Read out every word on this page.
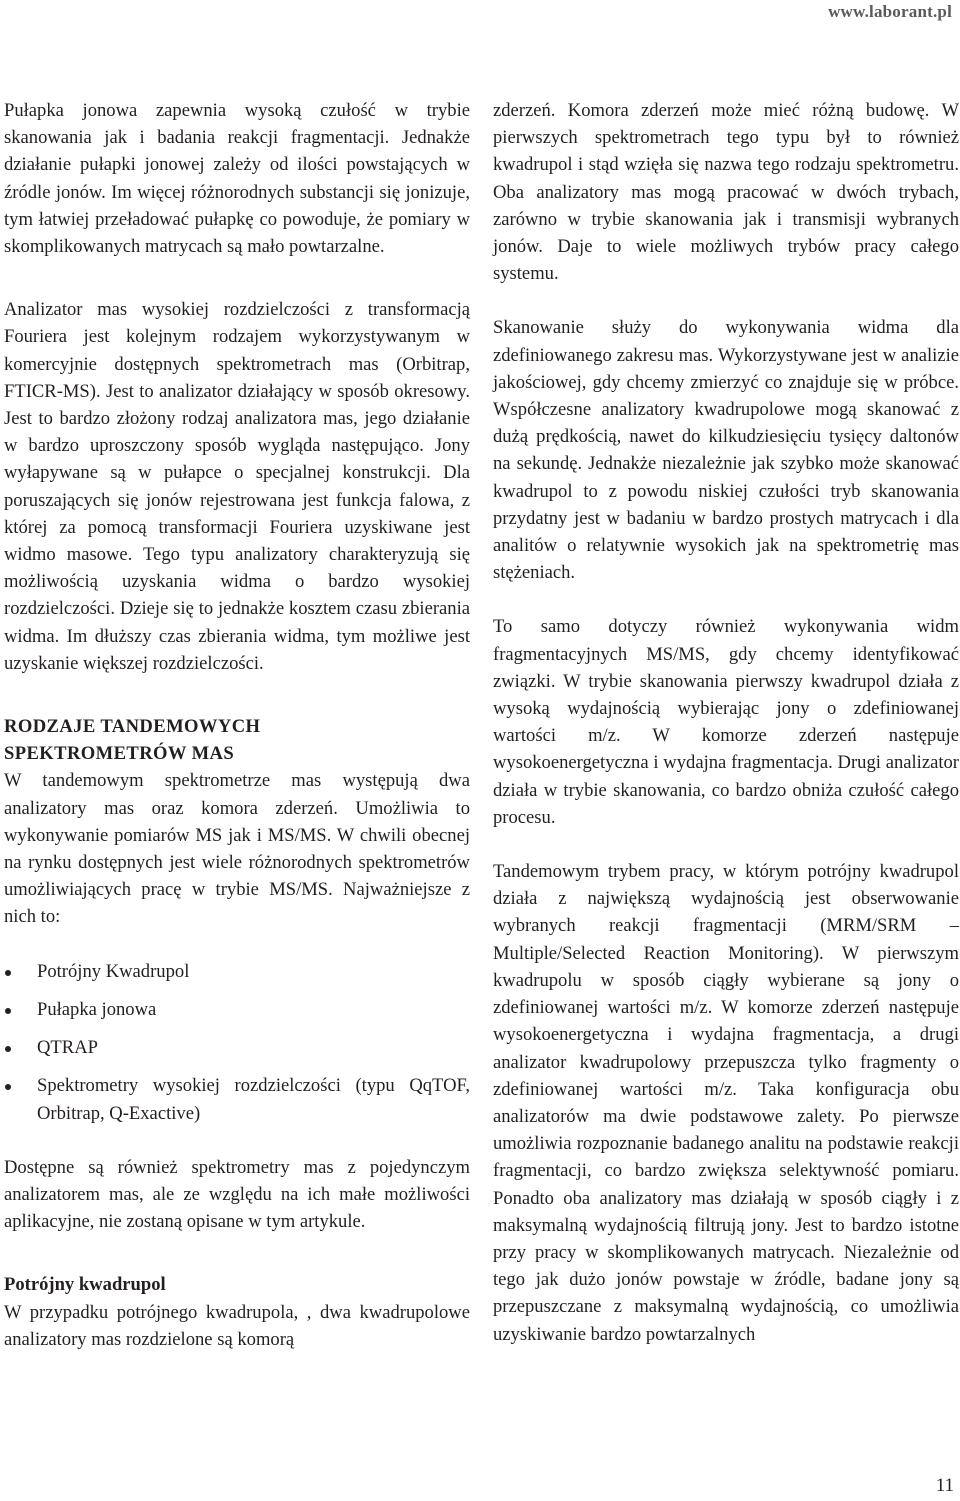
www.laborant.pl

Pułapka jonowa zapewnia wysoką czułość w trybie skanowania jak i badania reakcji fragmentacji. Jednakże działanie pułapki jonowej zależy od ilości powstających w źródle jonów. Im więcej różnorodnych substancji się jonizuje, tym łatwiej przeładować pułapkę co powoduje, że pomiary w skomplikowanych matrycach są mało powtarzalne.

Analizator mas wysokiej rozdzielczości z transformacją Fouriera jest kolejnym rodzajem wykorzystywanym w komercyjnie dostępnych spektrometrach mas (Orbitrap, FTICR-MS). Jest to analizator działający w sposób okresowy. Jest to bardzo złożony rodzaj analizatora mas, jego działanie w bardzo uproszczony sposób wygląda następująco. Jony wyłapywane są w pułapce o specjalnej konstrukcji. Dla poruszających się jonów rejestrowana jest funkcja falowa, z której za pomocą transformacji Fouriera uzyskiwane jest widmo masowe. Tego typu analizatory charakteryzują się możliwością uzyskania widma o bardzo wysokiej rozdzielczości. Dzieje się to jednakże kosztem czasu zbierania widma. Im dłuższy czas zbierania widma, tym możliwe jest uzyskanie większej rozdzielczości.

RODZAJE TANDEMOWYCH
SPEKTROMETRÓW MAS

W tandemowym spektrometrze mas występują dwa analizatory mas oraz komora zderzeń. Umożliwia to wykonywanie pomiarów MS jak i MS/MS. W chwili obecnej na rynku dostępnych jest wiele różnorodnych spektrometrów umożliwiających pracę w trybie MS/MS. Najważniejsze z nich to:

Potrójny Kwadrupol
Pułapka jonowa
QTRAP
Spektrometry wysokiej rozdzielczości (typu QqTOF, Orbitrap, Q-Exactive)

Dostępne są również spektrometry mas z pojedynczym analizatorem mas, ale ze względu na ich małe możliwości aplikacyjne, nie zostaną opisane w tym artykule.

Potrójny kwadrupol

W przypadku potrójnego kwadrupola, , dwa kwadrupolowe analizatory mas rozdzielone są komorą

zderzeń. Komora zderzeń może mieć różną budowę. W pierwszych spektrometrach tego typu był to również kwadrupol i stąd wzięła się nazwa tego rodzaju spektrometru. Oba analizatory mas mogą pracować w dwóch trybach, zarówno w trybie skanowania jak i transmisji wybranych jonów. Daje to wiele możliwych trybów pracy całego systemu.

Skanowanie służy do wykonywania widma dla zdefiniowanego zakresu mas. Wykorzystywane jest w analizie jakościowej, gdy chcemy zmierzyć co znajduje się w próbce. Współczesne analizatory kwadrupolowe mogą skanować z dużą prędkością, nawet do kilkudziesięciu tysięcy daltonów na sekundę. Jednakże niezależnie jak szybko może skanować kwadrupol to z powodu niskiej czułości tryb skanowania przydatny jest w badaniu w bardzo prostych matrycach i dla analitów o relatywnie wysokich jak na spektrometrię mas stężeniach.

To samo dotyczy również wykonywania widm fragmentacyjnych MS/MS, gdy chcemy identyfikować związki. W trybie skanowania pierwszy kwadrupol działa z wysoką wydajnością wybierając jony o zdefiniowanej wartości m/z. W komorze zderzeń następuje wysokoenergetyczna i wydajna fragmentacja. Drugi analizator działa w trybie skanowania, co bardzo obniża czułość całego procesu.

Tandemowym trybem pracy, w którym potrójny kwadrupol działa z największą wydajnością jest obserwowanie wybranych reakcji fragmentacji (MRM/SRM – Multiple/Selected Reaction Monitoring). W pierwszym kwadrupolu w sposób ciągły wybierane są jony o zdefiniowanej wartości m/z. W komorze zderzeń następuje wysokoenergetyczna i wydajna fragmentacja, a drugi analizator kwadrupolowy przepuszcza tylko fragmenty o zdefiniowanej wartości m/z. Taka konfiguracja obu analizatorów ma dwie podstawowe zalety. Po pierwsze umożliwia rozpoznanie badanego analitu na podstawie reakcji fragmentacji, co bardzo zwiększa selektywność pomiaru. Ponadto oba analizatory mas działają w sposób ciągły i z maksymalną wydajnością filtrują jony. Jest to bardzo istotne przy pracy w skomplikowanych matrycach. Niezależnie od tego jak dużo jonów powstaje w źródle, badane jony są przepuszczane z maksymalną wydajnością, co umożliwia uzyskiwanie bardzo powtarzalnych

11
